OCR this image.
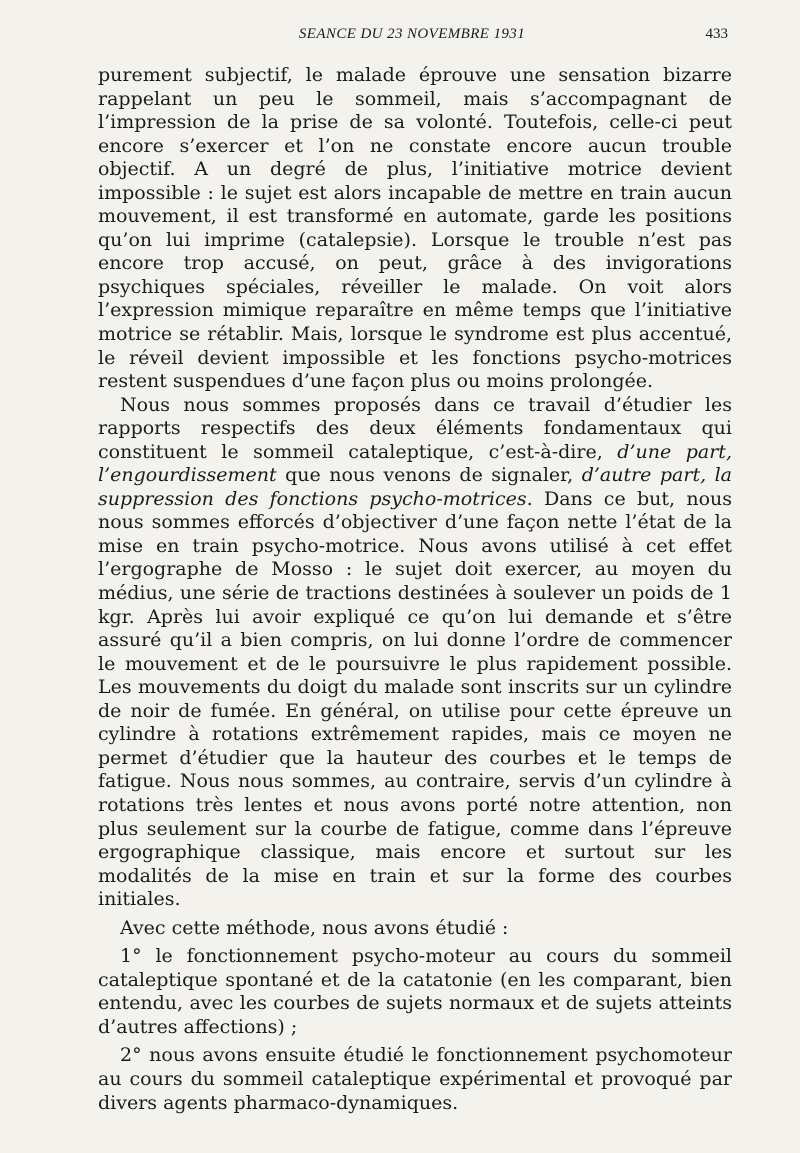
SEANCE DU 23 NOVEMBRE 1931	433

purement subjectif, le malade éprouve une sensation bizarre rappelant un peu le sommeil, mais s’accompagnant de l’impression de la prise de sa volonté. Toutefois, celle-ci peut encore s’exercer et l’on ne constate encore aucun trouble objectif. A un degré de plus, l’initiative motrice devient impossible : le sujet est alors incapable de mettre en train aucun mouvement, il est transformé en automate, garde les positions qu’on lui imprime (catalepsie). Lorsque le trouble n’est pas encore trop accusé, on peut, grâce à des invigorations psychiques spéciales, réveiller le malade. On voit alors l’expression mimique reparaître en même temps que l’initiative motrice se rétablir. Mais, lorsque le syndrome est plus accentué, le réveil devient impossible et les fonctions psycho-motrices restent suspendues d’une façon plus ou moins prolongée.

Nous nous sommes proposés dans ce travail d’étudier les rapports respectifs des deux éléments fondamentaux qui constituent le sommeil cataleptique, c’est-à-dire, d’une part, l’engourdissement que nous venons de signaler, d’autre part, la suppression des fonctions psycho-motrices. Dans ce but, nous nous sommes efforcés d’objectiver d’une façon nette l’état de la mise en train psycho-motrice. Nous avons utilisé à cet effet l’ergographe de Mosso : le sujet doit exercer, au moyen du médius, une série de tractions destinées à soulever un poids de 1 kgr. Après lui avoir expliqué ce qu’on lui demande et s’être assuré qu’il a bien compris, on lui donne l’ordre de commencer le mouvement et de le poursuivre le plus rapidement possible. Les mouvements du doigt du malade sont inscrits sur un cylindre de noir de fumée. En général, on utilise pour cette épreuve un cylindre à rotations extrêmement rapides, mais ce moyen ne permet d’étudier que la hauteur des courbes et le temps de fatigue. Nous nous sommes, au contraire, servis d’un cylindre à rotations très lentes et nous avons porté notre attention, non plus seulement sur la courbe de fatigue, comme dans l’épreuve ergographique classique, mais encore et surtout sur les modalités de la mise en train et sur la forme des courbes initiales.

Avec cette méthode, nous avons étudié :

1° le fonctionnement psycho-moteur au cours du sommeil cataleptique spontané et de la catatonie (en les comparant, bien entendu, avec les courbes de sujets normaux et de sujets atteints d’autres affections) ;

2° nous avons ensuite étudié le fonctionnement psychomoteur au cours du sommeil cataleptique expérimental et provoqué par divers agents pharmaco-dynamiques.
